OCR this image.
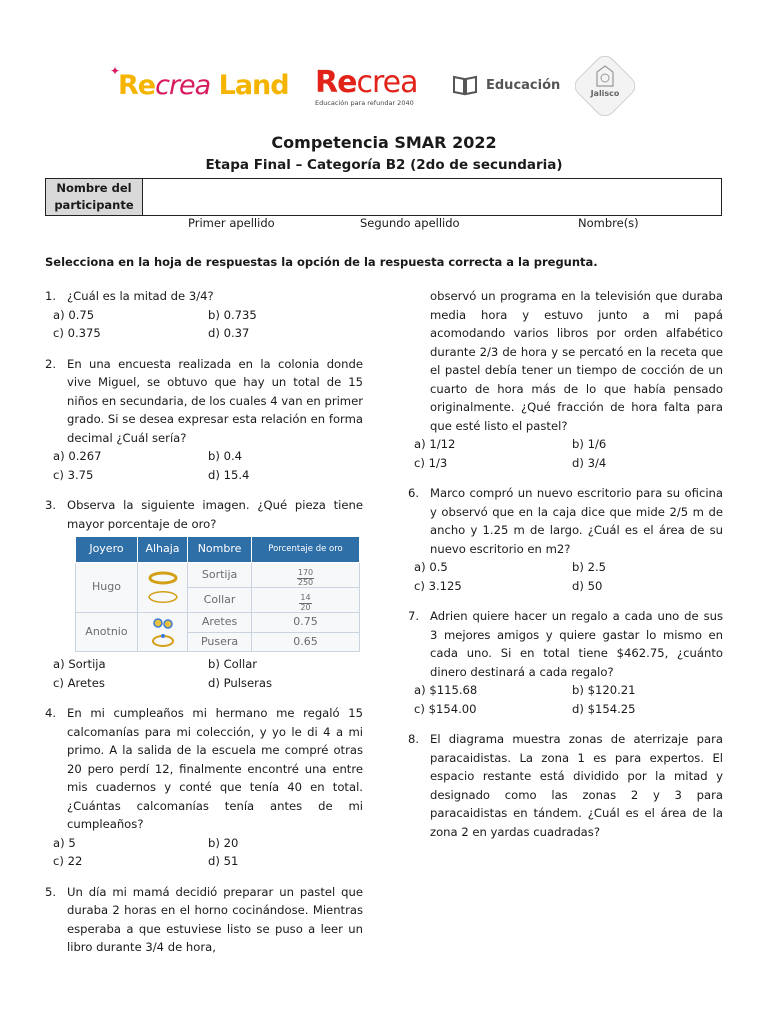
✦
Recrea Land Recrea
Educación para refundar 2040
Educación
Jalisco
Competencia SMAR 2022
Etapa Final – Categoría B2 (2do de secundaria)
Nombre del
participante
Primer apellido	Segundo apellido	Nombre(s)
Selecciona en la hoja de respuestas la opción de la respuesta correcta a la pregunta.
1. ¿Cuál es la mitad de 3/4?
a) 0.75	b) 0.735
c) 0.375	d) 0.37
2. En una encuesta realizada en la colonia donde vive Miguel, se obtuvo que hay un total de 15 niños en secundaria, de los cuales 4 van en primer grado. Si se desea expresar esta relación en forma decimal ¿Cuál sería?
a) 0.267	b) 0.4
c) 3.75	d) 15.4
3. Observa la siguiente imagen. ¿Qué pieza tiene mayor porcentaje de oro?
Joyero	Alhaja	Nombre	Porcentaje de oro
Hugo		Sortija	$\frac{170}{250}$

		Collar	$\frac{14}{20}$

Anotnio		Aretes	0.75
		Pusera	0.65
a) Sortija	b) Collar
c) Aretes	d) Pulseras
4. En mi cumpleaños mi hermano me regaló 15 calcomanías para mi colección, y yo le di 4 a mi primo. A la salida de la escuela me compré otras 20 pero perdí 12, finalmente encontré una entre mis cuadernos y conté que tenía 40 en total. ¿Cuántas calcomanías tenía antes de mi cumpleaños?
a) 5	b) 20
c) 22	d) 51
5. Un día mi mamá decidió preparar un pastel que duraba 2 horas en el horno cocinándose. Mientras esperaba a que estuviese listo se puso a leer un libro durante 3/4 de hora,
observó un programa en la televisión que duraba media hora y estuvo junto a mi papá acomodando varios libros por orden alfabético durante 2/3 de hora y se percató en la receta que el pastel debía tener un tiempo de cocción de un cuarto de hora más de lo que había pensado originalmente. ¿Qué fracción de hora falta para que esté listo el pastel?
a) 1/12	b) 1/6
c) 1/3	d) 3/4
6. Marco compró un nuevo escritorio para su oficina y observó que en la caja dice que mide 2/5 m de ancho y 1.25 m de largo. ¿Cuál es el área de su nuevo escritorio en m2?
a) 0.5	b) 2.5
c) 3.125	d) 50
7. Adrien quiere hacer un regalo a cada uno de sus 3 mejores amigos y quiere gastar lo mismo en cada uno. Si en total tiene $462.75, ¿cuánto dinero destinará a cada regalo?
a) $115.68	b) $120.21
c) $154.00	d) $154.25
8. El diagrama muestra zonas de aterrizaje para paracaidistas. La zona 1 es para expertos. El espacio restante está dividido por la mitad y designado como las zonas 2 y 3 para paracaidistas en tándem. ¿Cuál es el área de la zona 2 en yardas cuadradas?
